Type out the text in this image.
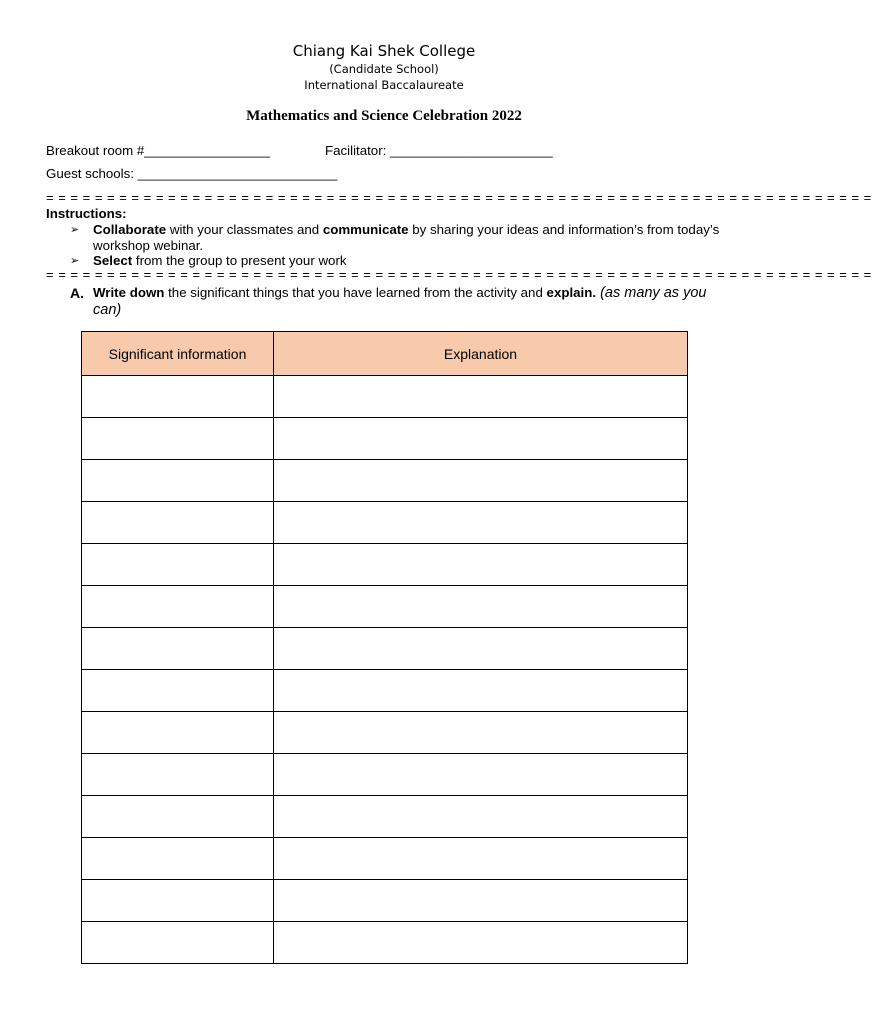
Chiang Kai Shek College
(Candidate School)
International Baccalaureate
Mathematics and Science Celebration 2022
Breakout room #_________________	Facilitator: ______________________
Guest schools: ___________________________
= = = = = = = = = = = = = = = = = = = = = = = = = = = = = = = = = = = = = = = = = = = = = = = = = = = = = = = = = = = = = = = = = = = =
Instructions:
➢ Collaborate with your classmates and communicate by sharing your ideas and information’s from today’s workshop webinar.
➢ Select from the group to present your work
= = = = = = = = = = = = = = = = = = = = = = = = = = = = = = = = = = = = = = = = = = = = = = = = = = = = = = = = = = = = = = = = = = = =
A. Write down the significant things that you have learned from the activity and explain. (as many as you can)
Significant information	Explanation
